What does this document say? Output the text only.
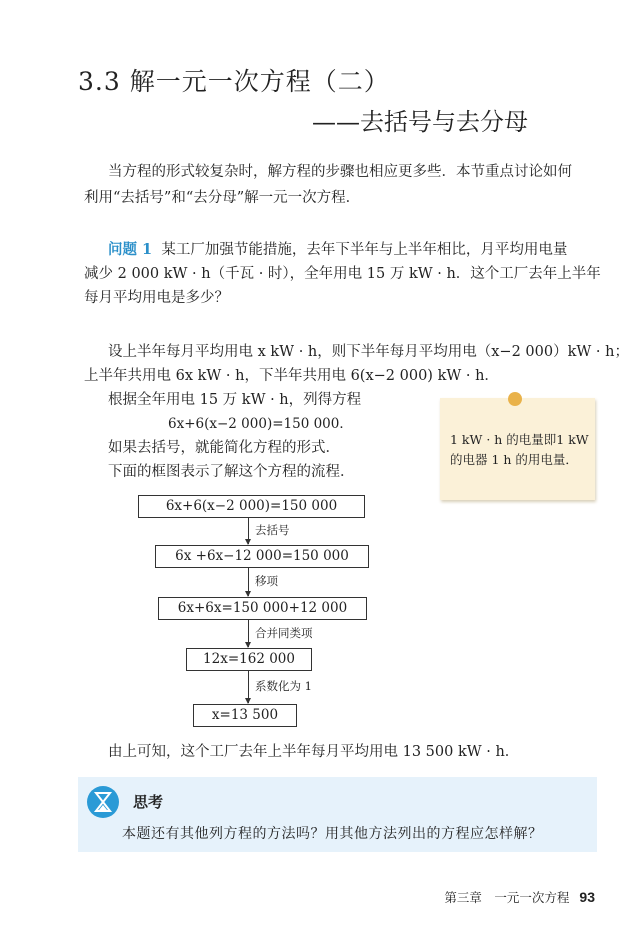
3.3 解一元一次方程（二）
——去括号与去分母
当方程的形式较复杂时，解方程的步骤也相应更多些．本节重点讨论如何
利用“去括号”和“去分母”解一元一次方程．
问题 1 某工厂加强节能措施，去年下半年与上半年相比，月平均用电量
减少 2 000 kW · h（千瓦 · 时），全年用电 15 万 kW · h．这个工厂去年上半年
每月平均用电是多少？
设上半年每月平均用电 x kW · h，则下半年每月平均用电（x−2 000）kW · h；
上半年共用电 6x kW · h，下半年共用电 6(x−2 000) kW · h．
根据全年用电 15 万 kW · h，列得方程
6x+6(x−2 000)=150 000．
如果去括号，就能简化方程的形式．
下面的框图表示了解这个方程的流程．
1 kW · h 的电量即1 kW的电器 1 h 的用电量．
6x+6(x−2 000)=150 000
去括号
6x +6x−12 000=150 000
移项
6x+6x=150 000+12 000
合并同类项
12x=162 000
系数化为 1
x=13 500
由上可知，这个工厂去年上半年每月平均用电 13 500 kW · h．
思考
本题还有其他列方程的方法吗？用其他方法列出的方程应怎样解？
第三章　一元一次方程 93
